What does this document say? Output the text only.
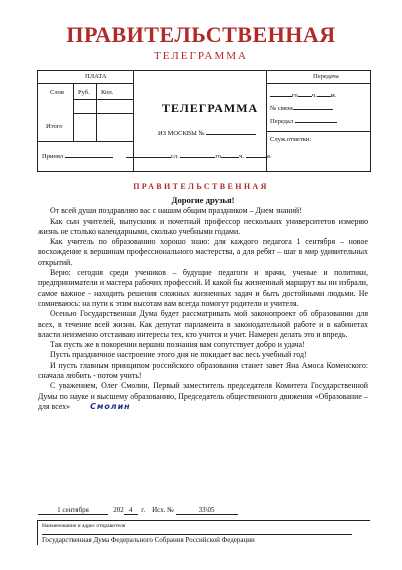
ПРАВИТЕЛЬСТВЕННАЯ
ТЕЛЕГРАММА
ПЛАТА
Слов Руб. Коп.
Итого
Принял
ТЕЛЕГРАММА
ИЗ МОСКВЫ №
сл.	го	ч.	м.
Передача
го ч. м.
№ связи
Передал
Служ.отметки:
ПРАВИТЕЛЬСТВЕННАЯ

Дорогие друзья!

От всей души поздравляю вас с нашим общим праздником – Днем знаний!

Как сын учителей, выпускник и почетный профессор нескольких университетов измеряю жизнь не столько календарными, сколько учебными годами.

Как учитель по образованию хорошо знаю: для каждого педагога 1 сентября – новое восхождение к вершинам профессионального мастерства, а для ребят – шаг в мир удивительных открытий.

Верю: сегодня среди учеников – будущие педагоги и врачи, ученые и политики, предприниматели и мастера рабочих профессий. И какой бы жизненный маршрут вы ни избрали, самое важное - находить решения сложных жизненных задач и быть достойными людьми. Не сомневаюсь: на пути к этим высотам вам всегда помогут родители и учителя.

Осенью Государственная Дума будет рассматривать мой законопроект об образовании для всех, в течение всей жизни. Как депутат парламента в законодательной работе и в кабинетах власти неизменно отстаиваю интересы тех, кто учится и учит. Намерен делать это и впредь.

Так пусть же в покорении вершин познания вам сопутствует добро и удача!

Пусть праздничное настроение этого дня не покидает вас весь учебный год!

И пусть главным принципом российского образования станет завет Яна Амоса Коменского: сначала любить - потом учить!

С уважением, Олег Смолин, Первый заместитель председателя Комитета Государственной Думы по науке и высшему образованию, Председатель общественного движения «Образование – для всех»	Смолин

1 сентября	202 4 г. Исх. №	33\05
Наименование и адрес отправителя
Государственная Дума Федерального Собрания Российской Федерации
